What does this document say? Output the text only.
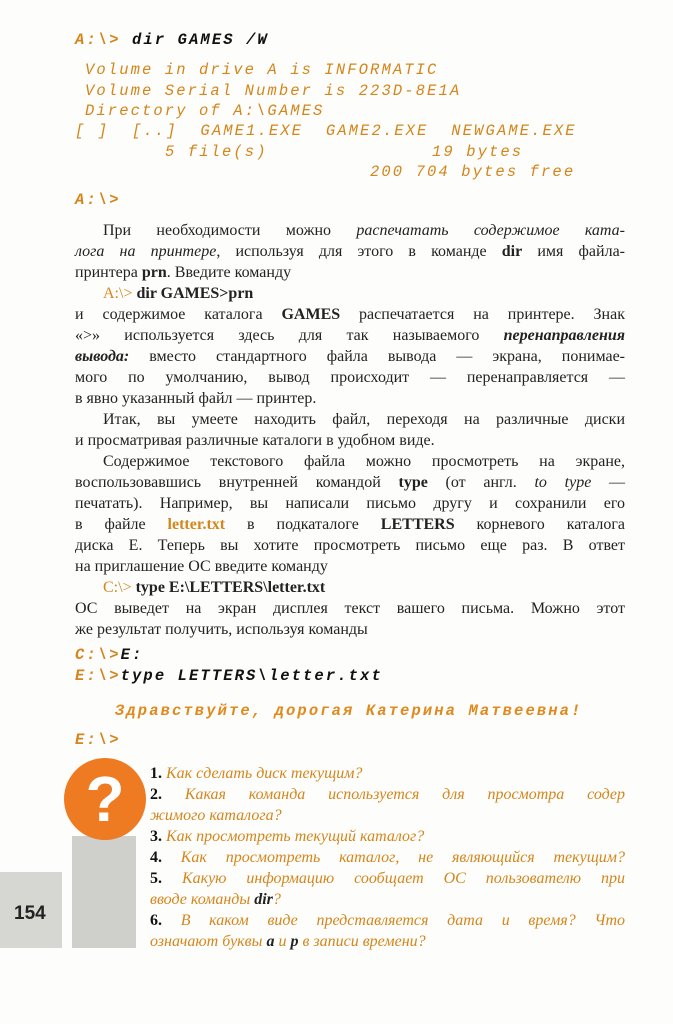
A:\> dir GAMES /W
Volume in drive A is INFORMATIC
Volume Serial Number is 223D-8E1A
Directory of A:\GAMES
[ ]  [..]  GAME1.EXE  GAME2.EXE  NEWGAME.EXE
5 file(s)	19 bytes
200 704 bytes free
A:\>
При необходимости можно распечатать содержимое ката-
лога на принтере, используя для этого в команде dir имя файла-
принтера prn. Введите команду
A:\> dir GAMES>prn
и содержимое каталога GAMES распечатается на принтере. Знак
«>» используется здесь для так называемого перенаправления
вывода: вместо стандартного файла вывода — экрана, понимае-
мого по умолчанию, вывод происходит — перенаправляется —
в явно указанный файл — принтер.
Итак, вы умеете находить файл, переходя на различные диски
и просматривая различные каталоги в удобном виде.
Содержимое текстового файла можно просмотреть на экране,
воспользовавшись внутренней командой type (от англ. to type —
печатать). Например, вы написали письмо другу и сохранили его
в файле letter.txt в подкаталоге LETTERS корневого каталога
диска E. Теперь вы хотите просмотреть письмо еще раз. В ответ
на приглашение ОС введите команду
C:\> type E:\LETTERS\letter.txt
ОС выведет на экран дисплея текст вашего письма. Можно этот
же результат получить, используя команды
C:\>E:
E:\>type LETTERS\letter.txt
Здравствуйте, дорогая Катерина Матвеевна!
E:\>
154
?	1. Как сделать диск текущим?
2. Какая команда используется для просмотра содер
жимого каталога?
3. Как просмотреть текущий каталог?
4. Как просмотреть каталог, не являющийся текущим?
5. Какую информацию сообщает ОС пользователю при
вводе команды dir?
6. В каком виде представляется дата и время? Что
означают буквы a и p в записи времени?
